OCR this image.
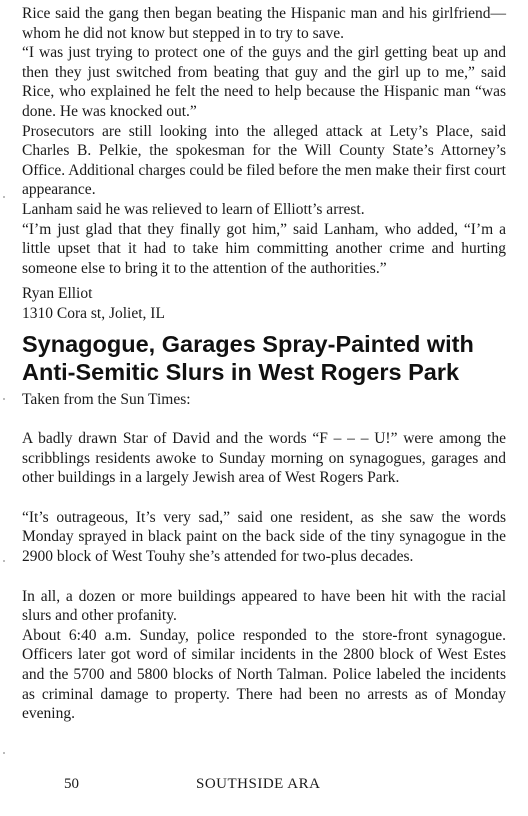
Rice said the gang then began beating the Hispanic man and his girlfriend—whom he did not know but stepped in to try to save.

“I was just trying to protect one of the guys and the girl getting beat up and then they just switched from beating that guy and the girl up to me,” said Rice, who explained he felt the need to help because the Hispanic man “was done. He was knocked out.”

Prosecutors are still looking into the alleged attack at Lety’s Place, said Charles B. Pelkie, the spokesman for the Will County State’s Attorney’s Office. Additional charges could be filed before the men make their first court appearance.

Lanham said he was relieved to learn of Elliott’s arrest.

“I’m just glad that they finally got him,” said Lanham, who added, “I’m a little upset that it had to take him committing another crime and hurting someone else to bring it to the attention of the authorities.”

Ryan Elliot

1310 Cora st, Joliet, IL

Synagogue, Garages Spray-Painted with Anti-Semitic Slurs in West Rogers Park

Taken from the Sun Times:

A badly drawn Star of David and the words “F – – – U!” were among the scribblings residents awoke to Sunday morning on synagogues, garages and other buildings in a largely Jewish area of West Rogers Park.

“It’s outrageous, It’s very sad,” said one resident, as she saw the words Monday sprayed in black paint on the back side of the tiny synagogue in the 2900 block of West Touhy she’s attended for two-plus decades.

In all, a dozen or more buildings appeared to have been hit with the racial slurs and other profanity.

About 6:40 a.m. Sunday, police responded to the store-front synagogue. Officers later got word of similar incidents in the 2800 block of West Estes and the 5700 and 5800 blocks of North Talman. Police labeled the incidents as criminal damage to property. There had been no arrests as of Monday evening.

50	SOUTHSIDE ARA
